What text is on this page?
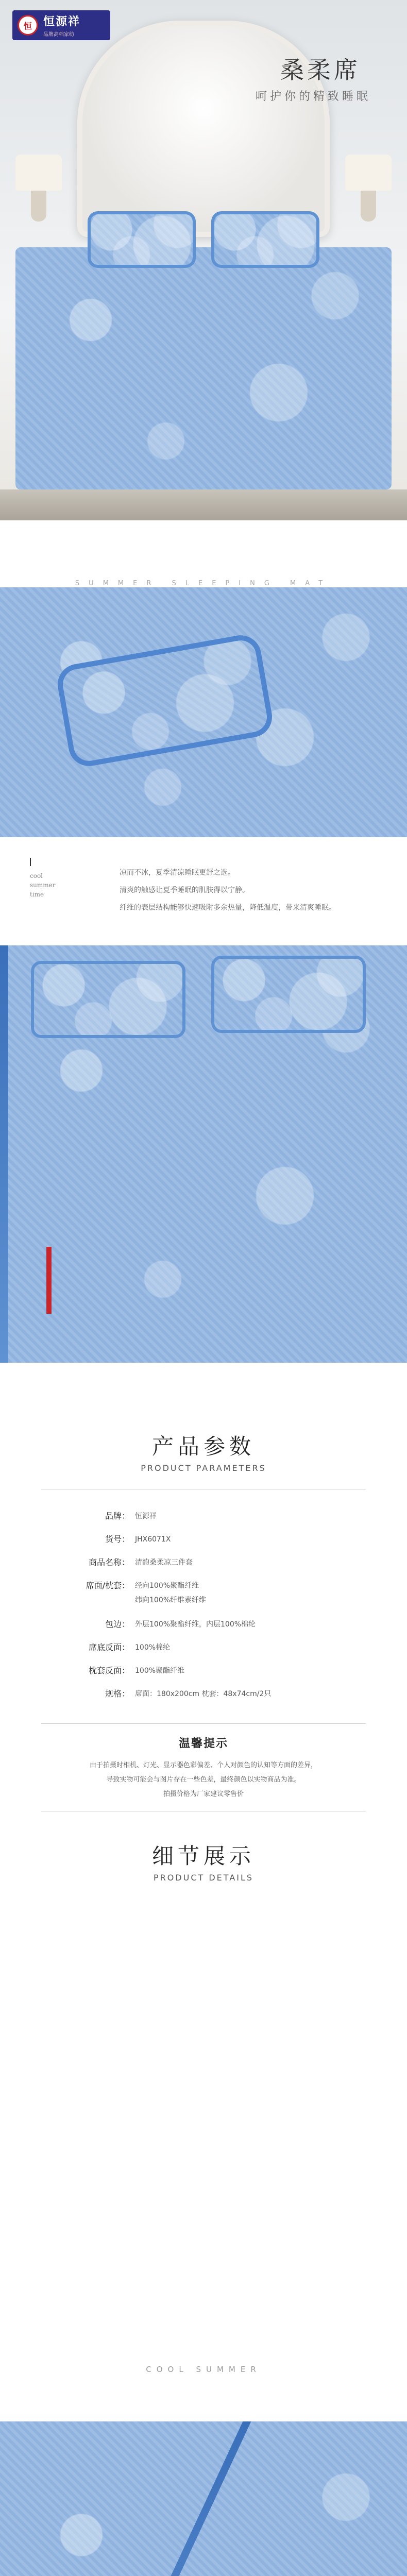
恒	恒源祥
品牌高档家纺
桑柔席
呵护你的精致睡眠
SUMMER SLEEPING MAT
cool
summer
time
凉而不冰，夏季清凉睡眠更舒之选。
清爽的触感让夏季睡眠的肌肤得以宁静。
纤维的表层结构能够快速吸附多余热量，降低温度，带来清爽睡眠。
产品参数
PRODUCT PARAMETERS
品牌： 恒源祥
货号： JHX6071X
商品名称： 清韵桑柔凉三件套
席面/枕套： 经向100%聚酯纤维
纬向100%纤维素纤维
包边： 外层100%聚酯纤维，内层100%棉纶
席底反面： 100%棉纶
枕套反面： 100%聚酯纤维
规格： 席面：180x200cm 枕套：48x74cm/2只
温馨提示
由于拍摄时相机、灯光、显示器色彩偏差、个人对颜色的认知等方面的差异，
导致实物可能会与图片存在一些色差，最终颜色以实物商品为准。
拍摄价格为厂家建议零售价
细节展示
PRODUCT DETAILS
COOL SUMMER
